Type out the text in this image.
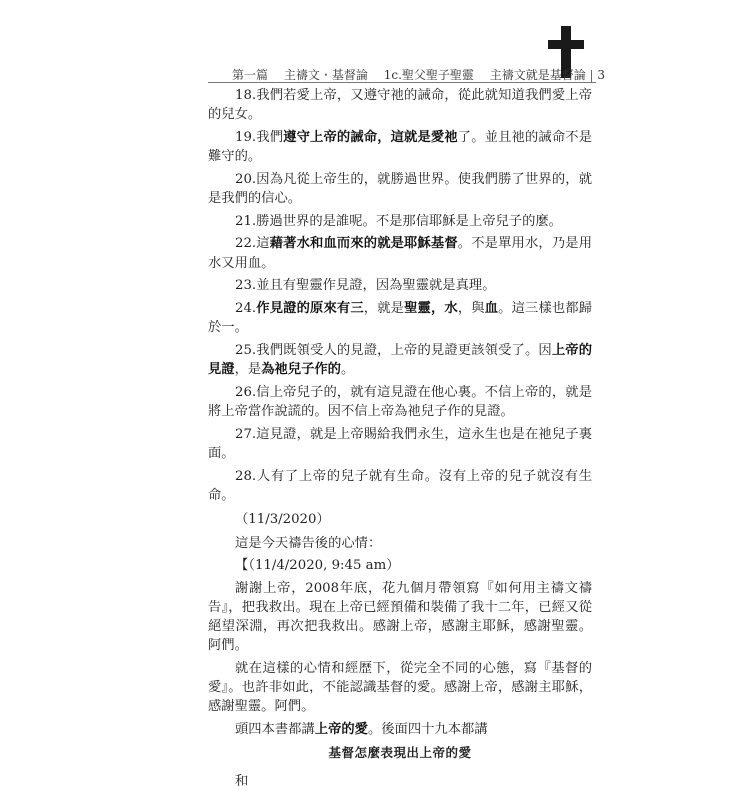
第一篇　 主禱文・基督論　 1c.聖父聖子聖靈　 主禱文就是基督論 | 3

18.我們若愛上帝，又遵守祂的誡命，從此就知道我們愛上帝的兒女。

19.我們遵守上帝的誡命，這就是愛祂了。並且祂的誡命不是難守的。

20.因為凡從上帝生的，就勝過世界。使我們勝了世界的，就是我們的信心。

21.勝過世界的是誰呢。不是那信耶穌是上帝兒子的麼。

22.這藉著水和血而來的就是耶穌基督。不是單用水，乃是用水又用血。

23.並且有聖靈作見證，因為聖靈就是真理。

24.作見證的原來有三，就是聖靈，水，與血。這三樣也都歸於一。

25.我們既領受人的見證，上帝的見證更該領受了。因上帝的見證，是為祂兒子作的。

26.信上帝兒子的，就有這見證在他心裏。不信上帝的，就是將上帝當作說謊的。因不信上帝為祂兒子作的見證。

27.這見證，就是上帝賜給我們永生，這永生也是在祂兒子裏面。

28.人有了上帝的兒子就有生命。沒有上帝的兒子就沒有生命。

（11/3/2020）

這是今天禱告後的心情：

【（11/4/2020, 9:45 am）

謝謝上帝，2008年底，花九個月帶領寫『如何用主禱文禱告』，把我救出。現在上帝已經預備和裝備了我十二年，已經又從絕望深淵，再次把我救出。感謝上帝，感謝主耶穌，感謝聖靈。阿們。

就在這樣的心情和經歷下，從完全不同的心態，寫『基督的愛』。也許非如此，不能認識基督的愛。感謝上帝，感謝主耶穌，感謝聖靈。阿們。

頭四本書都講上帝的愛。後面四十九本都講

基督怎麼表現出上帝的愛

和
